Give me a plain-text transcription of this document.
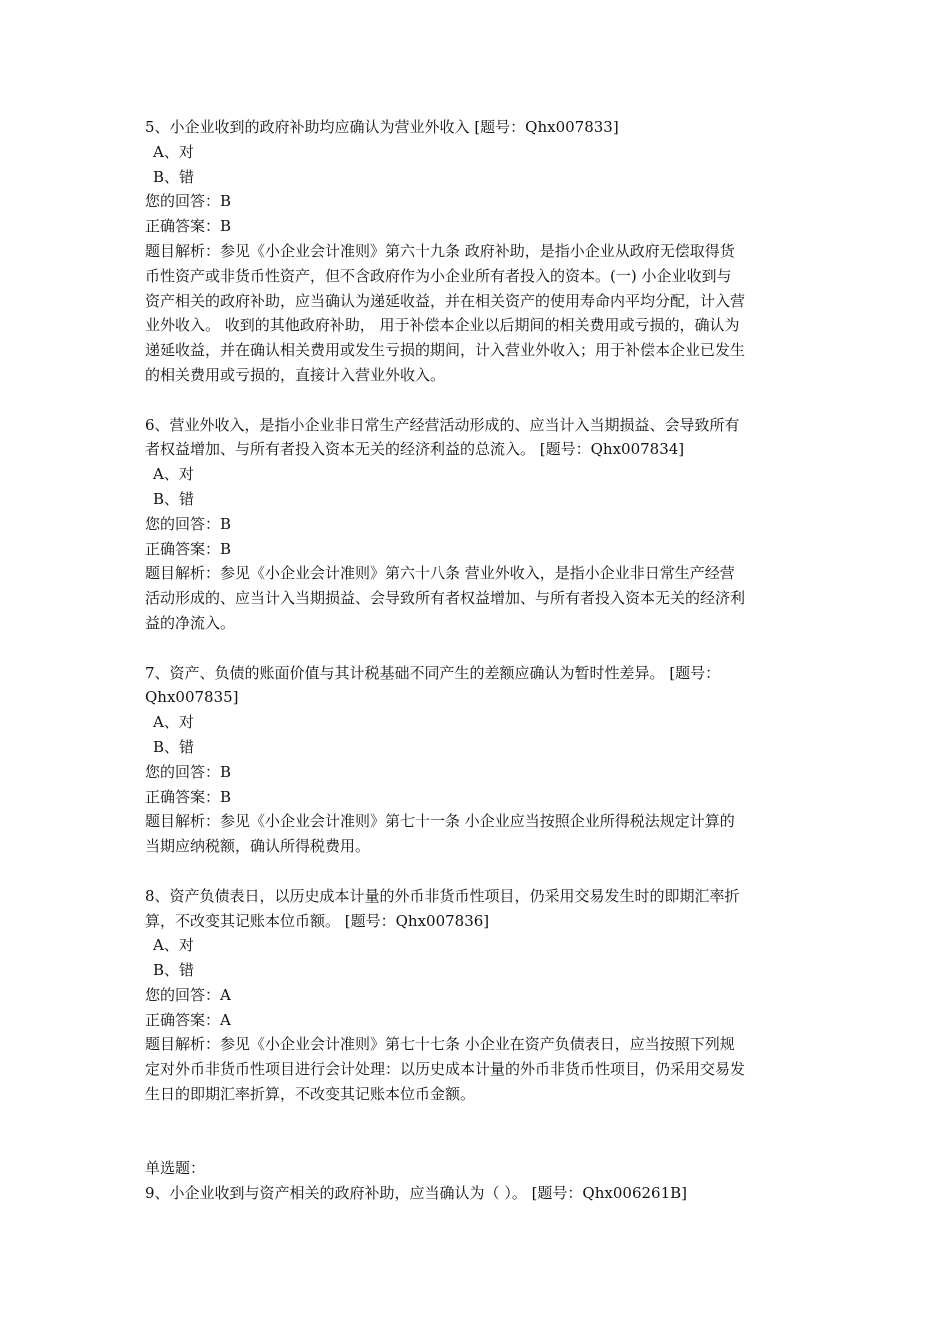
5、小企业收到的政府补助均应确认为营业外收入 [题号：Qhx007833]
A、对
B、错
您的回答：B
正确答案：B
题目解析：参见《小企业会计准则》第六十九条 政府补助，是指小企业从政府无偿取得货
币性资产或非货币性资产，但不含政府作为小企业所有者投入的资本。(一) 小企业收到与
资产相关的政府补助，应当确认为递延收益，并在相关资产的使用寿命内平均分配，计入营
业外收入。 收到的其他政府补助， 用于补偿本企业以后期间的相关费用或亏损的，确认为
递延收益，并在确认相关费用或发生亏损的期间，计入营业外收入；用于补偿本企业已发生
的相关费用或亏损的，直接计入营业外收入。
6、营业外收入，是指小企业非日常生产经营活动形成的、应当计入当期损益、会导致所有
者权益增加、与所有者投入资本无关的经济利益的总流入。 [题号：Qhx007834]
A、对
B、错
您的回答：B
正确答案：B
题目解析：参见《小企业会计准则》第六十八条 营业外收入，是指小企业非日常生产经营
活动形成的、应当计入当期损益、会导致所有者权益增加、与所有者投入资本无关的经济利
益的净流入。
7、资产、负债的账面价值与其计税基础不同产生的差额应确认为暂时性差异。 [题号：
Qhx007835]
A、对
B、错
您的回答：B
正确答案：B
题目解析：参见《小企业会计准则》第七十一条 小企业应当按照企业所得税法规定计算的
当期应纳税额，确认所得税费用。
8、资产负债表日，以历史成本计量的外币非货币性项目，仍采用交易发生时的即期汇率折
算，不改变其记账本位币额。 [题号：Qhx007836]
A、对
B、错
您的回答：A
正确答案：A
题目解析：参见《小企业会计准则》第七十七条 小企业在资产负债表日，应当按照下列规
定对外币非货币性项目进行会计处理：以历史成本计量的外币非货币性项目，仍采用交易发
生日的即期汇率折算，不改变其记账本位币金额。
单选题：
9、小企业收到与资产相关的政府补助，应当确认为（ ）。 [题号：Qhx006261B]
